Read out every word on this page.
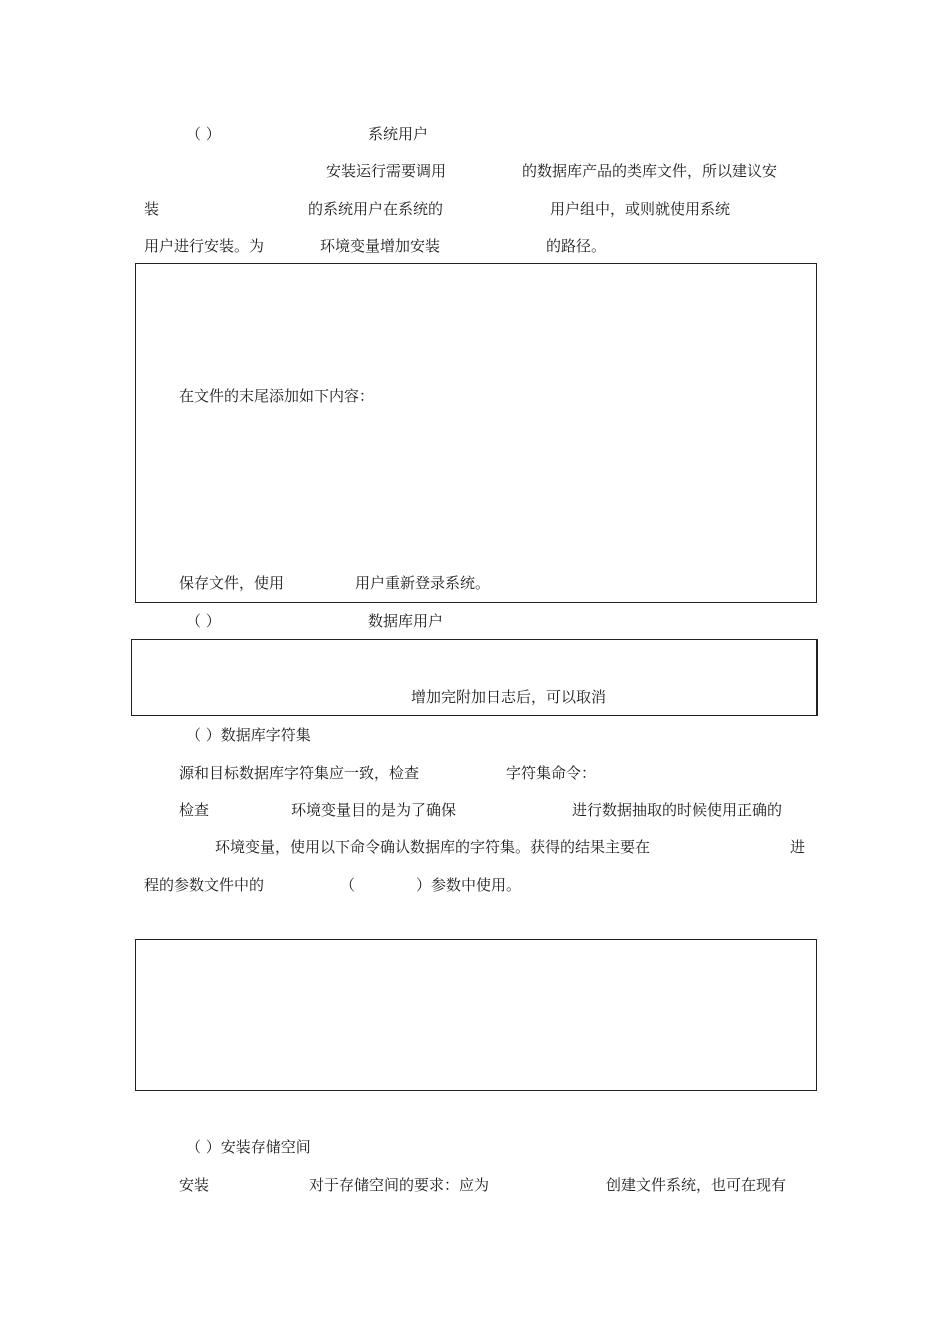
（ ）	系统用户
安装运行需要调用	的数据库产品的类库文件，所以建议安
装	的系统用户在系统的	用户组中，或则就使用系统
用户进行安装。为	环境变量增加安装	的路径。
在文件的末尾添加如下内容：
保存文件，使用	用户重新登录系统。
（ ）	数据库用户
增加完附加日志后，可以取消
（ ）数据库字符集
源和目标数据库字符集应一致，检查	字符集命令：
检查	环境变量目的是为了确保	进行数据抽取的时候使用正确的
环境变量，使用以下命令确认数据库的字符集。获得的结果主要在	进
程的参数文件中的	（	）参数中使用。
（ ）安装存储空间
安装	对于存储空间的要求：应为	创建文件系统，也可在现有
